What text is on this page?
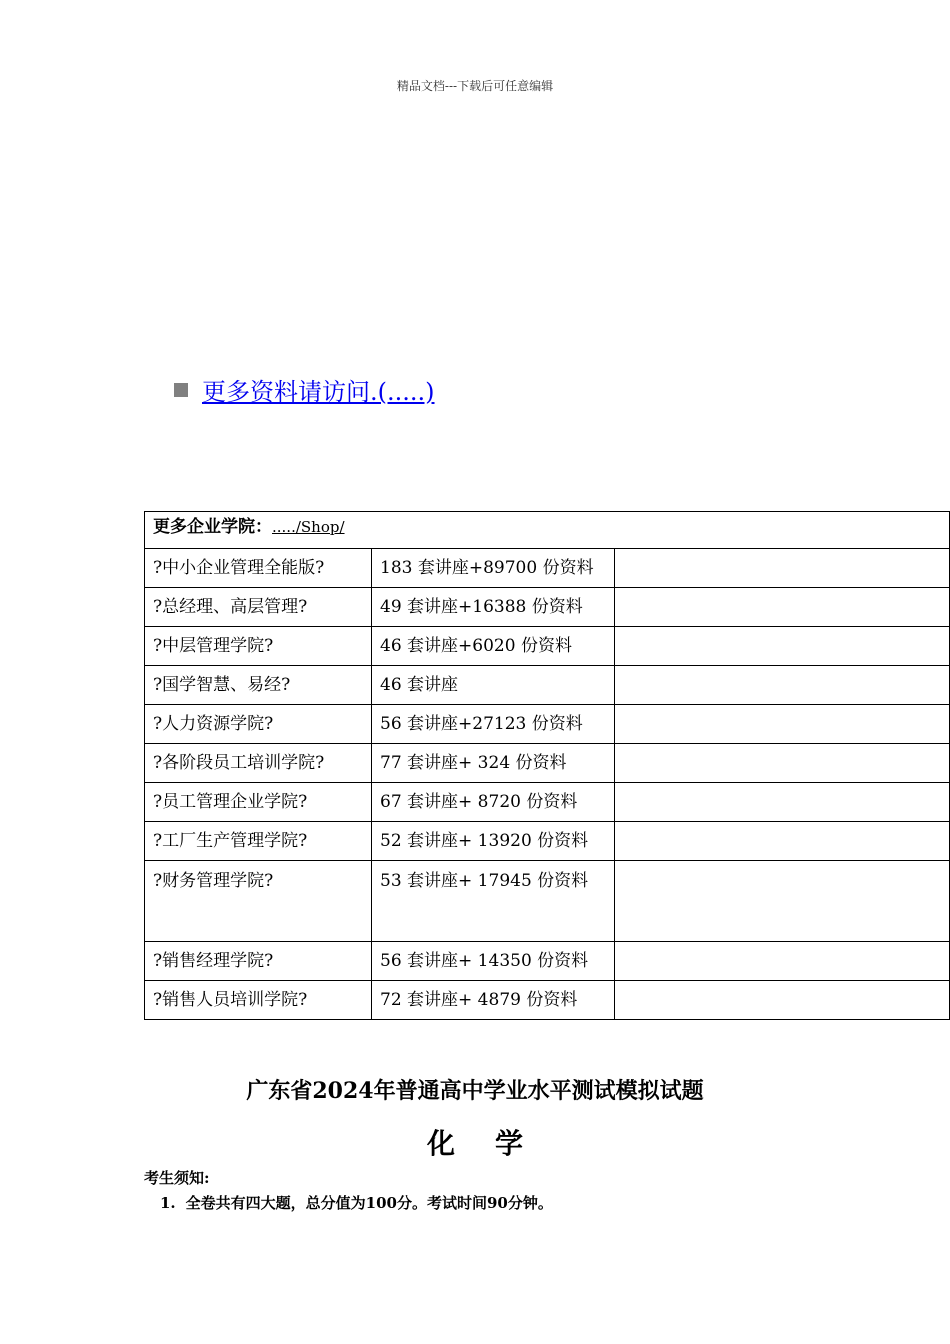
精品文档---下载后可任意编辑
更多资料请访问.(.....)
更多企业学院：...../Shop/		
?中小企业管理全能版?	183 套讲座+89700 份资料	
?总经理、高层管理?	49 套讲座+16388 份资料	
?中层管理学院?	46 套讲座+6020 份资料	
?国学智慧、易经?	46 套讲座	
?人力资源学院?	56 套讲座+27123 份资料	
?各阶段员工培训学院?	77 套讲座+ 324 份资料	
?员工管理企业学院?	67 套讲座+ 8720 份资料	
?工厂生产管理学院?	52 套讲座+ 13920 份资料	
?财务管理学院?	53 套讲座+ 17945 份资料	
?销售经理学院?	56 套讲座+ 14350 份资料	
?销售人员培训学院?	72 套讲座+ 4879 份资料	
广东省2024年普通高中学业水平测试模拟试题
化学
考生须知:
1. 全卷共有四大题，总分值为100分。考试时间90分钟。
